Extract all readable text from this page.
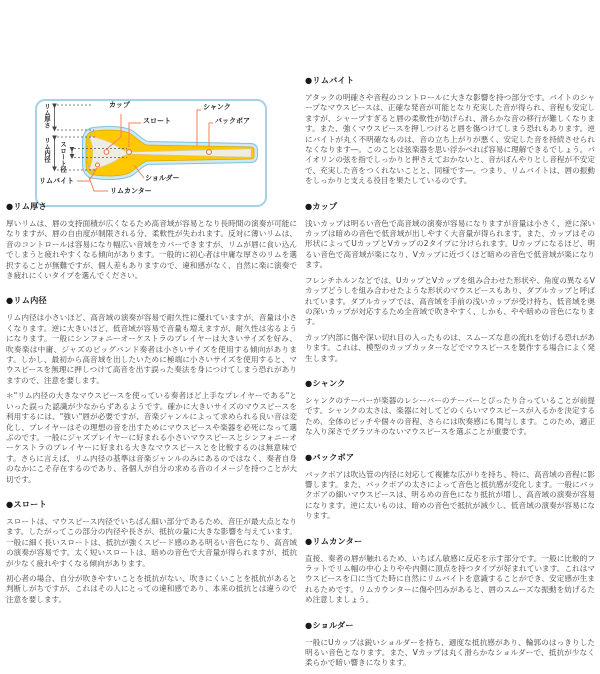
カップ
スロート
シャンク
バックボア
リムバイト	ショルダー
リムカンター
リム厚さ
リム内径 スロート径
●リム厚さ

厚いリムは、唇の支持面積が広くなるため高音域が容易となり長時間の演奏が可能になりますが、唇の自由度が制限される分、柔軟性が失われます。反対に薄いリムは、音のコントロールは容易になり幅広い音域をカバーできますが、リムが唇に食い込んでしまうと疲れやすくなる傾向があります。一般的に初心者は中庸な厚さのリムを選択することが無難ですが、個人差もありますので、違和感がなく、自然に楽に演奏でき疲れにくいタイプを選んでください。

●リム内径

リム内径は小さいほど、高音域の演奏が容易で耐久性に優れていますが、音量は小さくなります。逆に大きいほど、低音域が容易で音量も増えますが、耐久性は劣るようになります。一般にシンフォニーオーケストラのプレイヤーは大きいサイズを好み、吹奏楽は中庸、ジャズのビッグバンド奏者は小さいサイズを使用する傾向があります。しかし、最初から高音域を出したいために極端に小さいサイズを使用すると、マウスピースを無理に押しつけて高音を出す誤った奏法を身につけてしまう恐れがありますので、注意を要します。

＊"リム内径の大きなマウスピースを使っている奏者ほど上手なプレイヤーである"といった誤った認識が少なからずあるようです。確かに大きいサイズのマウスピースを利用するには、"強い"唇が必要ですが、音楽ジャンルによって求められる良い音は変化し、プレイヤーはその理想の音を出すためにマウスピースや楽器を必死になって選ぶのです。一般にジャズプレイヤーに好まれる小さいマウスピースとシンフォニーオーケストラのプレイヤーに好まれる大きなマウスピースとを比較するのは無意味です。さらに言えば、リム内径の基準は音楽ジャンルのみにあるのではなく、奏者自身のなかにこそ存在するのであり、各個人が自分の求める音のイメージを持つことが大切です。

●スロート

スロートは、マウスピース内径でいちばん細い部分であるため、音圧が最大点となります。したがってこの部分の内径や長さが、抵抗の量に大きな影響を与えています。一般に細く長いスロートは、抵抗が強くスピード感のある明るい音色になり、高音域の演奏が容易です。太く短いスロートは、暗めの音色で大音量が得られますが、抵抗が少なく疲れやすくなる傾向があります。

初心者の場合、自分が吹きやすいことを抵抗がない、吹きにくいことを抵抗があると判断しがちですが、これはその人にとっての違和感であり、本来の抵抗とは違うので注意を要します。

●リムバイト

アタックの明確さや音程のコントロールに大きな影響を持つ部分です。バイトのシャープなマウスピースは、正確な発音が可能となり充実した音が得られ、音程も安定しますが、シャープすぎると唇の柔軟性が妨げられ、滑らかな音の移行が難しくなります。また、強くマウスピースを押しつけると唇を傷つけてしまう恐れもあります。逆にバイトが丸く不明確なものは、音の立ち上がりが悪く、安定した音を持続させられなくなります―。このことは弦楽器を思い浮かべれば容易に理解できるでしょう。バイオリンの弦を指でしっかりと押さえておかないと、音がぼんやりとし音程が不安定で、充実した音をつくれないことと、同様です―。つまり、リムバイトは、唇の振動をしっかりと支える役目を果たしているのです。

●カップ

浅いカップは明るい音色で高音域の演奏が容易になりますが音量は小さく、逆に深いカップは暗めの音色で低音域が出しやすく大音量が得られます。また、カップはその形状によってUカップとVカップの2タイプに分けられます。Uカップになるほど、明るい音色で高音域が楽になり、Vカップに近づくほど暗めの音色で低音域が楽になります。

フレンチホルンなどでは、UカップとVカップを組み合わせた形状や、角度の異なるVカップどうしを組み合わせたような形状のマウスピースもあり、ダブルカップと呼ばれています。ダブルカップでは、高音域を手前の浅いカップが受け持ち、低音域を奥の深いカップが対応するため全音域で吹きやすく、しかも、やや暗めの音色になります。

カップ内部に傷や深い切れ目の入ったものは、スムーズな息の流れを妨げる恐れがあります。これは、模型のカップカッターなどでマウスピースを製作する場合によく発生します。

●シャンク

シャンクのテーパーが楽器のレシーバーのテーパーとぴったり合っていることが前提です。シャンクの太さは、楽器に対してどのくらいマウスピースが入るかを決定するため、全体のピッチや個々の音程、さらには吹奏感にも関与します。このため、適正な入り深さでグラツキのないマウスピースを選ぶことが重要です。

●バックボア

バックボアは吹込管の内径に対応して複雑な広がりを持ち、特に、高音域の音程に影響します。また、バックボアの太さによって音色と抵抗感が変化します。一般にバックボアの細いマウスピースは、明るめの音色になり抵抗が増し、高音域の演奏が容易になります。逆に太いものは、暗めの音色で抵抗が減少し、低音域の演奏が容易になります。

●リムカンター

直接、奏者の唇が触れるため、いちばん敏感に反応を示す部分です。一般に比較的フラットでリム幅の中心よりやや内側に頂点を持つタイプが好まれています。これはマウスピースを口に当てた時に自然にリムバイトを意識することができ、安定感が生まれるためです。リムカウンターに傷や凹みがあると、唇のスムーズな振動を妨げるため注意しましょう。

●ショルダー

一般にUカップは鋭いショルダーを持ち、適度な抵抗感があり、輪郭のはっきりした明るい音色となります。また、Vカップは丸く滑らかなショルダーで、抵抗が少なく柔らかで暗い響きになります。
